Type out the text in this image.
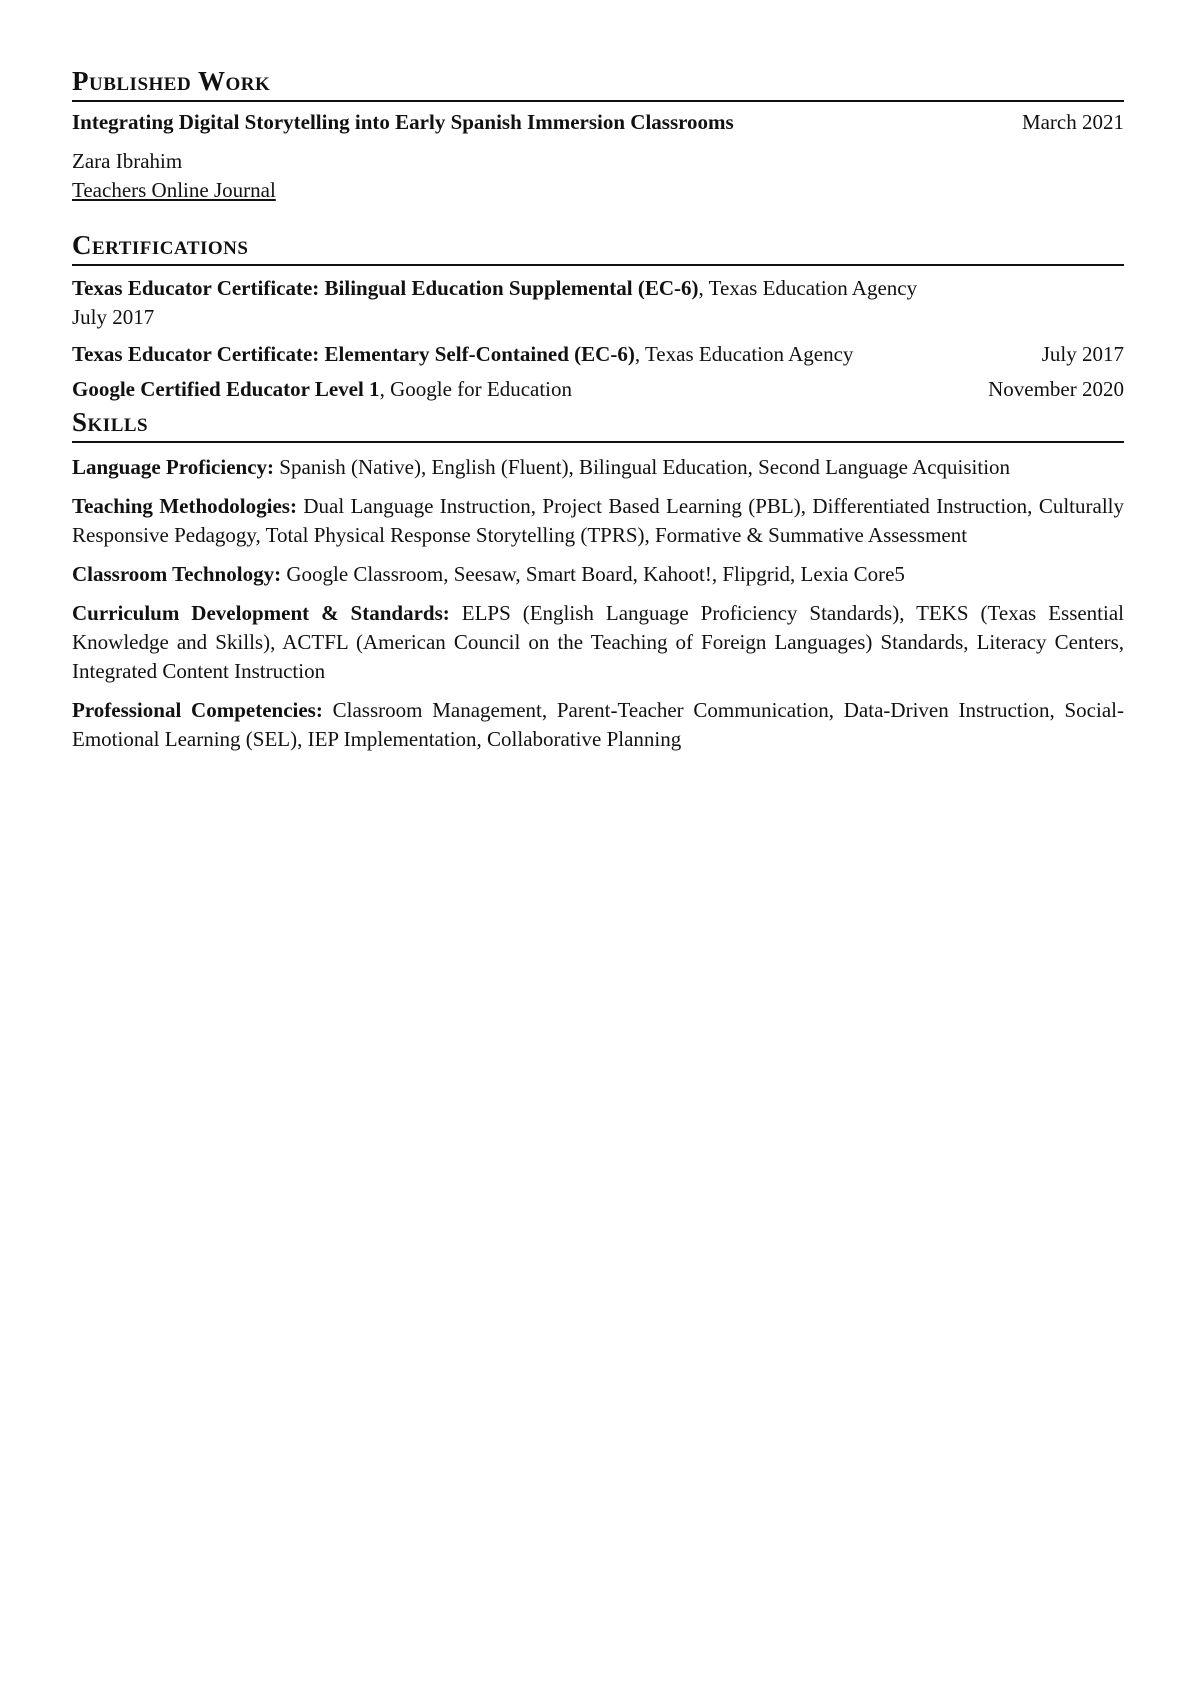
Published Work
Integrating Digital Storytelling into Early Spanish Immersion Classrooms	March 2021

Zara Ibrahim

Teachers Online Journal

Certifications

Texas Educator Certificate: Bilingual Education Supplemental (EC-6), Texas Education Agency
July 2017

Texas Educator Certificate: Elementary Self-Contained (EC-6), Texas Education Agency	July 2017
Google Certified Educator Level 1, Google for Education	November 2020
Skills

Language Proficiency: Spanish (Native), English (Fluent), Bilingual Education, Second Language Acquisition

Teaching Methodologies: Dual Language Instruction, Project Based Learning (PBL), Differentiated Instruction, Culturally Responsive Pedagogy, Total Physical Response Storytelling (TPRS), Formative & Summative Assessment

Classroom Technology: Google Classroom, Seesaw, Smart Board, Kahoot!, Flipgrid, Lexia Core5

Curriculum Development & Standards: ELPS (English Language Proficiency Standards), TEKS (Texas Essential Knowledge and Skills), ACTFL (American Council on the Teaching of Foreign Languages) Standards, Literacy Centers, Integrated Content Instruction

Professional Competencies: Classroom Management, Parent-Teacher Communication, Data-Driven Instruction, Social-Emotional Learning (SEL), IEP Implementation, Collaborative Planning
